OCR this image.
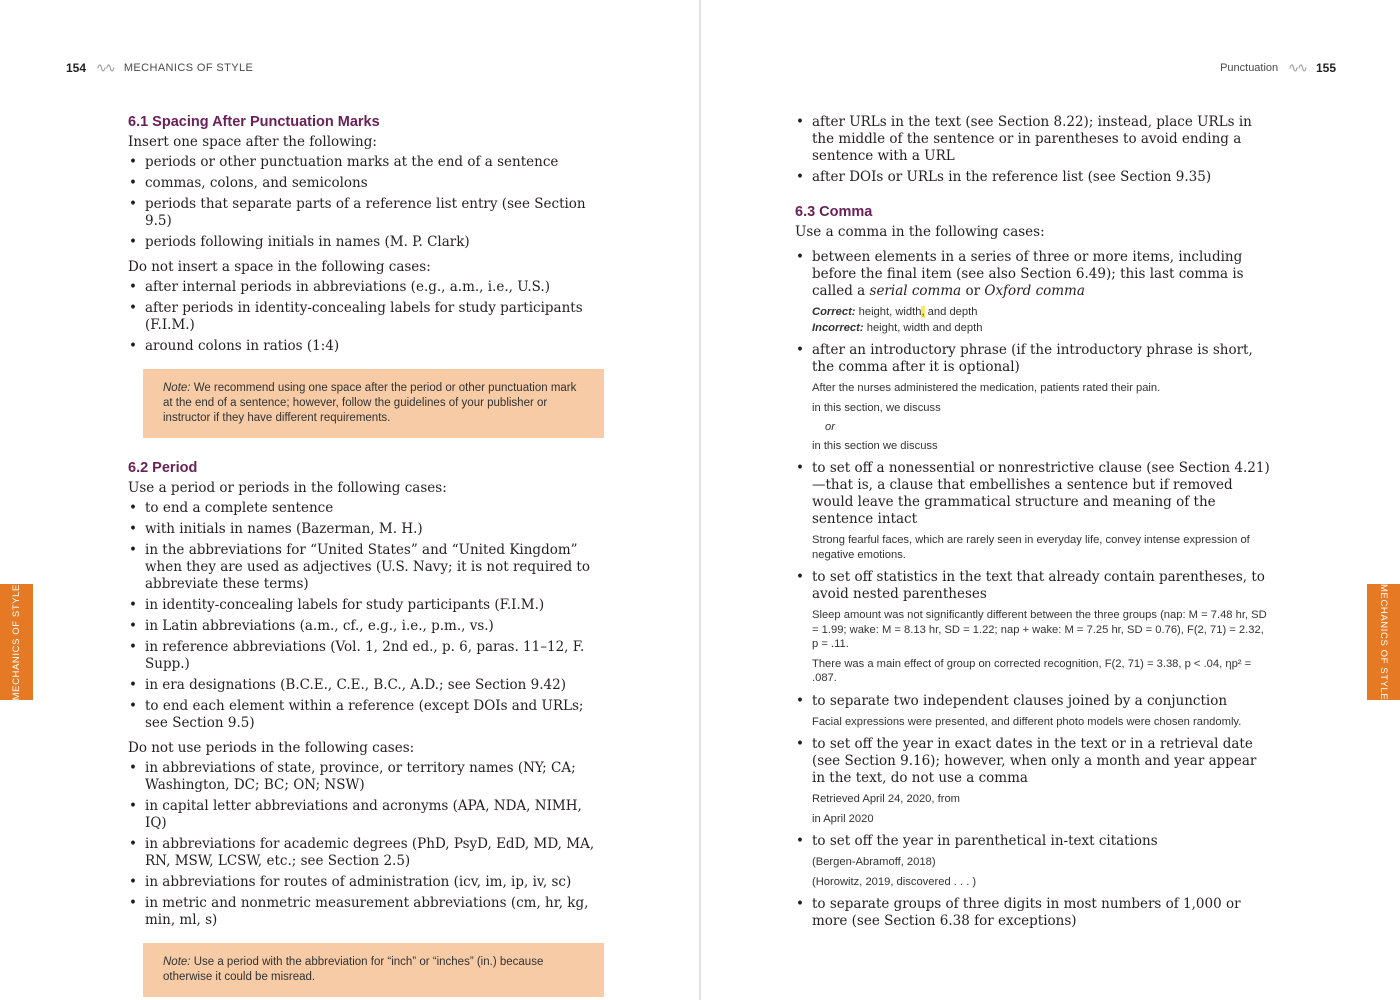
154 ∿∿ MECHANICS OF STYLE
6.1 Spacing After Punctuation Marks

Insert one space after the following:

• periods or other punctuation marks at the end of a sentence
• commas, colons, and semicolons
• periods that separate parts of a reference list entry (see Section 9.5)
• periods following initials in names (M. P. Clark)

Do not insert a space in the following cases:

• after internal periods in abbreviations (e.g., a.m., i.e., U.S.)
• after periods in identity-concealing labels for study participants (F.I.M.)
• around colons in ratios (1:4)
Note: We recommend using one space after the period or other punctuation mark at the end of a sentence; however, follow the guidelines of your publisher or instructor if they have different requirements.
6.2 Period

Use a period or periods in the following cases:

• to end a complete sentence
• with initials in names (Bazerman, M. H.)
• in the abbreviations for “United States” and “United Kingdom” when they are used as adjectives (U.S. Navy; it is not required to abbreviate these terms)
• in identity-concealing labels for study participants (F.I.M.)
• in Latin abbreviations (a.m., cf., e.g., i.e., p.m., vs.)
• in reference abbreviations (Vol. 1, 2nd ed., p. 6, paras. 11–12, F. Supp.)
• in era designations (B.C.E., C.E., B.C., A.D.; see Section 9.42)
• to end each element within a reference (except DOIs and URLs; see Section 9.5)

Do not use periods in the following cases:

• in abbreviations of state, province, or territory names (NY; CA; Washington, DC; BC; ON; NSW)
• in capital letter abbreviations and acronyms (APA, NDA, NIMH, IQ)
• in abbreviations for academic degrees (PhD, PsyD, EdD, MD, MA, RN, MSW, LCSW, etc.; see Section 2.5)
• in abbreviations for routes of administration (icv, im, ip, iv, sc)
• in metric and nonmetric measurement abbreviations (cm, hr, kg, min, ml, s)
Note: Use a period with the abbreviation for “inch” or “inches” (in.) because otherwise it could be misread.
MECHANICS OF STYLE
Punctuation ∿∿ 155
• after URLs in the text (see Section 8.22); instead, place URLs in the middle of the sentence or in parentheses to avoid ending a sentence with a URL
• after DOIs or URLs in the reference list (see Section 9.35)
6.3 Comma

Use a comma in the following cases:

• between elements in a series of three or more items, including before the final item (see also Section 6.49); this last comma is called a serial comma or Oxford comma
Correct: height, width, and depth
Incorrect: height, width and depth
• after an introductory phrase (if the introductory phrase is short, the comma after it is optional)
After the nurses administered the medication, patients rated their pain.
in this section, we discuss
or
in this section we discuss
• to set off a nonessential or nonrestrictive clause (see Section 4.21)—that is, a clause that embellishes a sentence but if removed would leave the grammatical structure and meaning of the sentence intact
Strong fearful faces, which are rarely seen in everyday life, convey intense expression of negative emotions.
• to set off statistics in the text that already contain parentheses, to avoid nested parentheses
Sleep amount was not significantly different between the three groups (nap: M = 7.48 hr, SD = 1.99; wake: M = 8.13 hr, SD = 1.22; nap + wake: M = 7.25 hr, SD = 0.76), F(2, 71) = 2.32, p = .11.
There was a main effect of group on corrected recognition, F(2, 71) = 3.38, p < .04, ηp² = .087.
• to separate two independent clauses joined by a conjunction
Facial expressions were presented, and different photo models were chosen randomly.
• to set off the year in exact dates in the text or in a retrieval date (see Section 9.16); however, when only a month and year appear in the text, do not use a comma
Retrieved April 24, 2020, from
in April 2020
• to set off the year in parenthetical in-text citations
(Bergen-Abramoff, 2018)
(Horowitz, 2019, discovered . . . )
• to separate groups of three digits in most numbers of 1,000 or more (see Section 6.38 for exceptions)
MECHANICS OF STYLE
